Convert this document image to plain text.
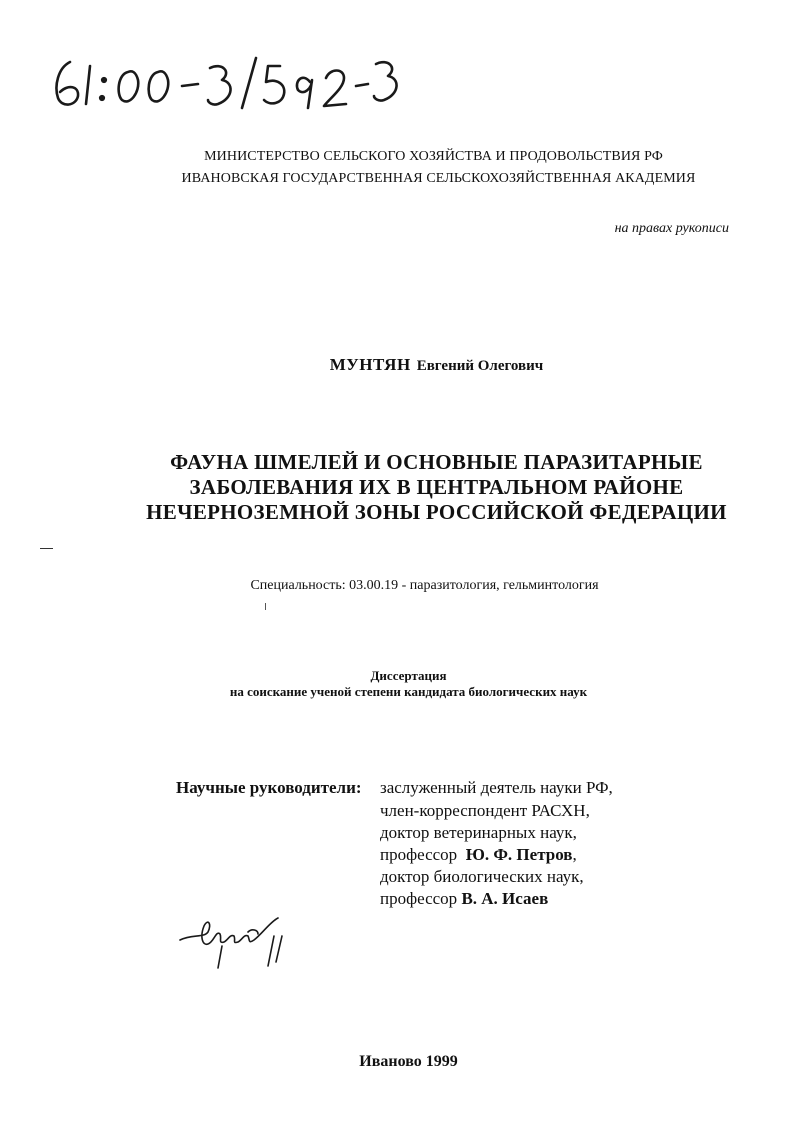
МИНИСТЕРСТВО СЕЛЬСКОГО ХОЗЯЙСТВА И ПРОДОВОЛЬСТВИЯ РФ
ИВАНОВСКАЯ ГОСУДАРСТВЕННАЯ СЕЛЬСКОХОЗЯЙСТВЕННАЯ АКАДЕМИЯ
на правах рукописи
МУНТЯН Евгений Олегович
ФАУНА ШМЕЛЕЙ И ОСНОВНЫЕ ПАРАЗИТАРНЫЕ
ЗАБОЛЕВАНИЯ ИХ В ЦЕНТРАЛЬНОМ РАЙОНЕ
НЕЧЕРНОЗЕМНОЙ ЗОНЫ РОССИЙСКОЙ ФЕДЕРАЦИИ
Специальность: 03.00.19 - паразитология, гельминтология
Диссертация
на соискание ученой степени кандидата биологических наук
Научные руководители: заслуженный деятель науки РФ,
член-корреспондент РАСХН,
доктор ветеринарных наук,
профессор  Ю. Ф. Петров,
доктор биологических наук,
профессор В. А. Исаев
Иваново 1999
